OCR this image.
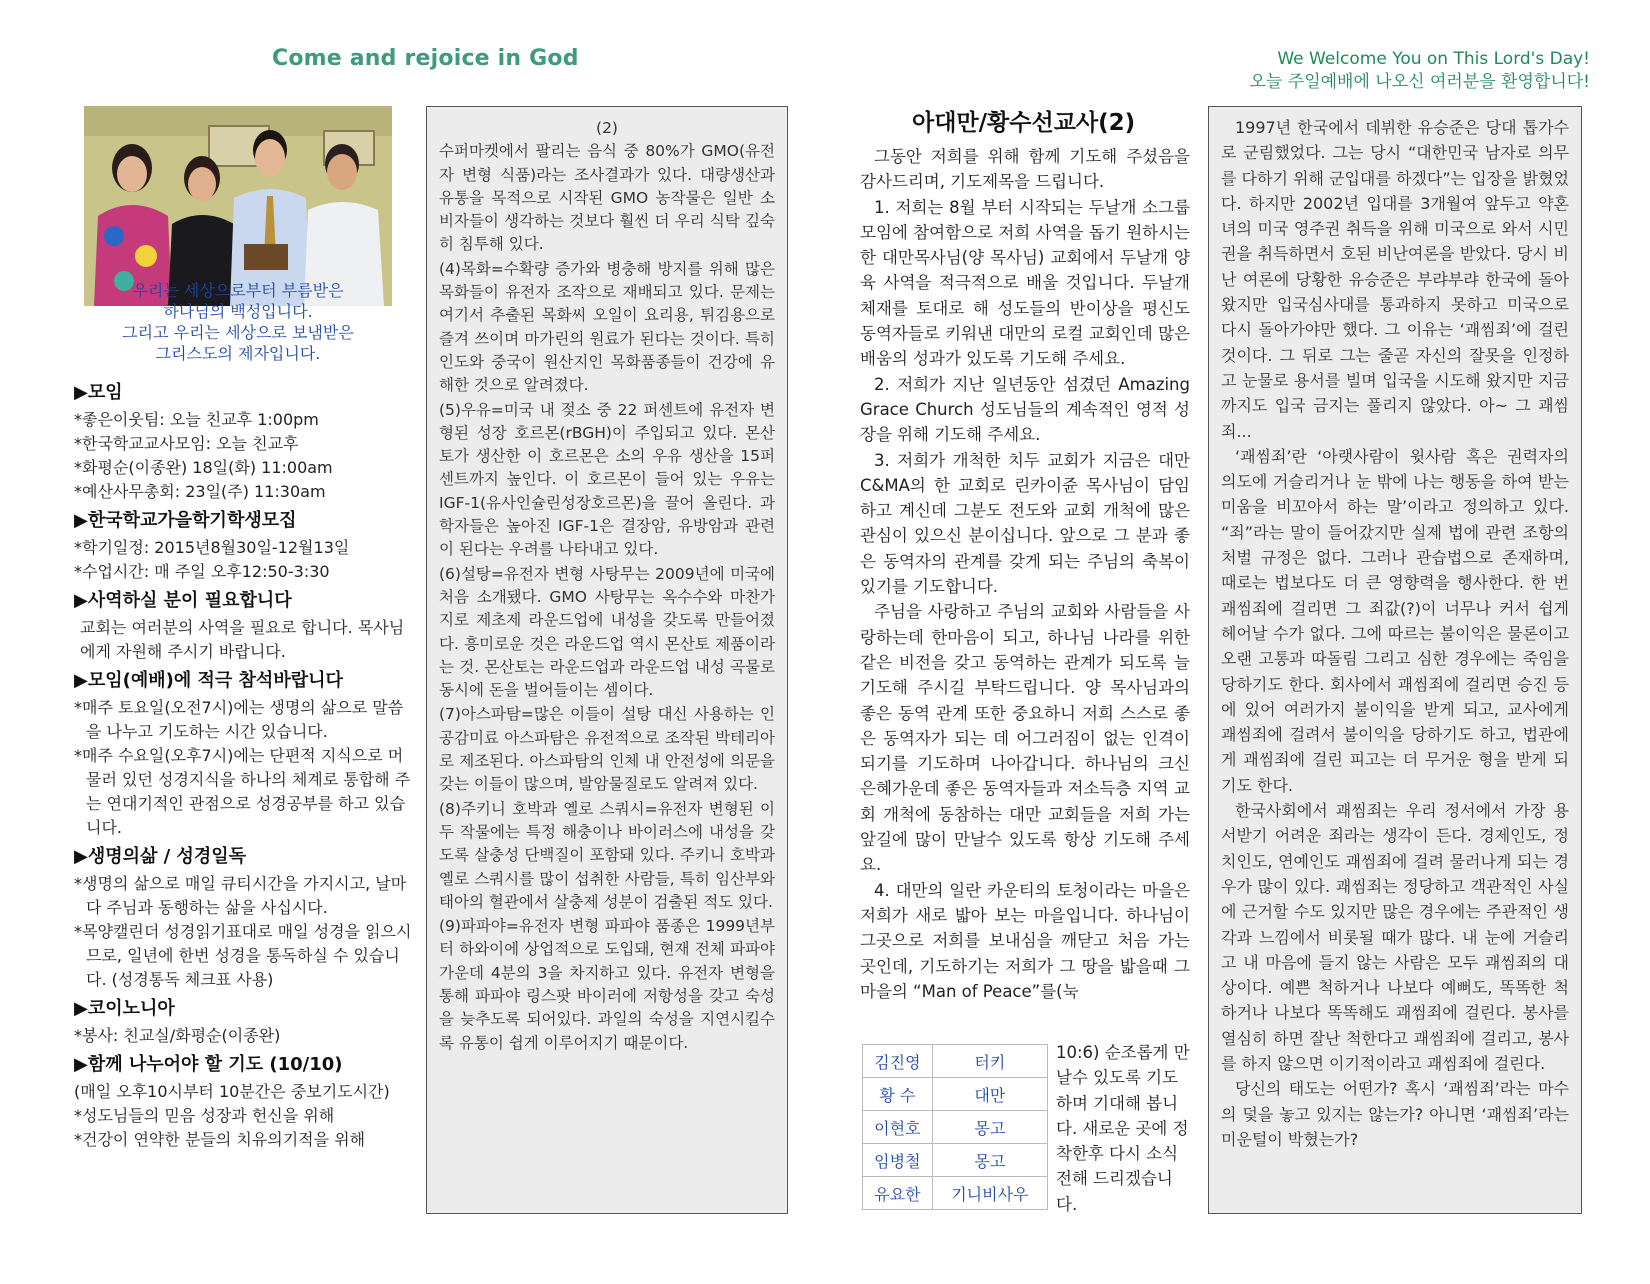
Come and rejoice in God	We Welcome You on This Lord's Day!
오늘 주일예배에 나오신 여러분을 환영합니다!
우리는 세상으로부터 부름받은
하나님의 백성입니다.
그리고 우리는 세상으로 보냄받은
그리스도의 제자입니다.
▶모임
*좋은이웃팀: 오늘 친교후 1:00pm
*한국학교교사모임: 오늘 친교후
*화평순(이종완) 18일(화) 11:00am
*예산사무총회: 23일(주) 11:30am
▶한국학교가을학기학생모집
*학기일정: 2015년8월30일-12월13일
*수업시간: 매 주일 오후12:50-3:30
▶사역하실 분이 필요합니다
교회는 여러분의 사역을 필요로 합니다. 목사님에게 자원해 주시기 바랍니다.
▶모임(예배)에 적극 참석바랍니다
*매주 토요일(오전7시)에는 생명의 삶으로 말씀을 나누고 기도하는 시간 있습니다.
*매주 수요일(오후7시)에는 단편적 지식으로 머물러 있던 성경지식을 하나의 체계로 통합해 주는 연대기적인 관점으로 성경공부를 하고 있습니다.
▶생명의삶 / 성경일독
*생명의 삶으로 매일 큐티시간을 가지시고, 날마다 주님과 동행하는 삶을 사십시다.
*목양캘린더 성경읽기표대로 매일 성경을 읽으시므로, 일년에 한번 성경을 통독하실 수 있습니다. (성경통독 체크표 사용)
▶코이노니아
*봉사: 친교실/화평순(이종완)
▶함께 나누어야 할 기도 (10/10)
(매일 오후10시부터 10분간은 중보기도시간)
*성도님들의 믿음 성장과 헌신을 위해
*건강이 연약한 분들의 치유의기적을 위해
(2)

수퍼마켓에서 팔리는 음식 중 80%가 GMO(유전자 변형 식품)라는 조사결과가 있다. 대량생산과 유통을 목적으로 시작된 GMO 농작물은 일반 소비자들이 생각하는 것보다 훨씬 더 우리 식탁 깊숙히 침투해 있다.

(4)목화=수확량 증가와 병충해 방지를 위해 많은 목화들이 유전자 조작으로 재배되고 있다. 문제는 여기서 추출된 목화씨 오일이 요리용, 튀김용으로 즐겨 쓰이며 마가린의 원료가 된다는 것이다. 특히 인도와 중국이 원산지인 목화품종들이 건강에 유해한 것으로 알려졌다.

(5)우유=미국 내 젖소 중 22 퍼센트에 유전자 변형된 성장 호르몬(rBGH)이 주입되고 있다. 몬산토가 생산한 이 호르몬은 소의 우유 생산을 15퍼센트까지 높인다. 이 호르몬이 들어 있는 우유는 IGF-1(유사인슐린성장호르몬)을 끌어 올린다. 과학자들은 높아진 IGF-1은 결장암, 유방암과 관련이 된다는 우려를 나타내고 있다.

(6)설탕=유전자 변형 사탕무는 2009년에 미국에 처음 소개됐다. GMO 사탕무는 옥수수와 마찬가지로 제초제 라운드업에 내성을 갖도록 만들어졌다. 흥미로운 것은 라운드업 역시 몬산토 제품이라는 것. 몬산토는 라운드업과 라운드업 내성 곡물로 동시에 돈을 벌어들이는 셈이다.

(7)아스파탐=많은 이들이 설탕 대신 사용하는 인공감미료 아스파탐은 유전적으로 조작된 박테리아로 제조된다. 아스파탐의 인체 내 안전성에 의문을 갖는 이들이 많으며, 발암물질로도 알려져 있다.

(8)주키니 호박과 옐로 스쿼시=유전자 변형된 이 두 작물에는 특정 해충이나 바이러스에 내성을 갖도록 살충성 단백질이 포함돼 있다. 주키니 호박과 옐로 스쿼시를 많이 섭취한 사람들, 특히 임산부와 태아의 혈관에서 살충제 성분이 검출된 적도 있다.

(9)파파야=유전자 변형 파파야 품종은 1999년부터 하와이에 상업적으로 도입돼, 현재 전체 파파야 가운데 4분의 3을 차지하고 있다. 유전자 변형을 통해 파파야 링스팟 바이러에 저항성을 갖고 숙성을 늦추도록 되어있다. 과일의 숙성을 지연시킬수록 유통이 쉽게 이루어지기 때문이다.

아대만/황수선교사(2)

그동안 저희를 위해 함께 기도해 주셨음을 감사드리며, 기도제목을 드립니다.

1. 저희는 8월 부터 시작되는 두날개 소그룹 모임에 참여함으로 저희 사역을 돕기 원하시는 한 대만목사님(양 목사님) 교회에서 두날개 양육 사역을 적극적으로 배울 것입니다. 두날개 체재를 토대로 해 성도들의 반이상을 평신도 동역자들로 키워낸 대만의 로컬 교회인데 많은 배움의 성과가 있도록 기도해 주세요.

2. 저희가 지난 일년동안 섬겼던 Amazing Grace Church 성도님들의 계속적인 영적 성장을 위해 기도해 주세요.

3. 저희가 개척한 치두 교회가 지금은 대만 C&MA의 한 교회로 린카이쥰 목사님이 담임하고 계신데 그분도 전도와 교회 개척에 많은 관심이 있으신 분이십니다. 앞으로 그 분과 좋은 동역자의 관계를 갖게 되는 주님의 축복이 있기를 기도합니다.

주님을 사랑하고 주님의 교회와 사람들을 사랑하는데 한마음이 되고, 하나님 나라를 위한 같은 비전을 갖고 동역하는 관계가 되도록 늘 기도해 주시길 부탁드립니다. 양 목사님과의 좋은 동역 관계 또한 중요하니 저희 스스로 좋은 동역자가 되는 데 어그러짐이 없는 인격이 되기를 기도하며 나아갑니다. 하나님의 크신 은혜가운데 좋은 동역자들과 저소득층 지역 교회 개척에 동참하는 대만 교회들을 저희 가는 앞길에 많이 만날수 있도록 항상 기도해 주세요.

4. 대만의 일란 카운티의 토청이라는 마을은 저희가 새로 밟아 보는 마을입니다. 하나님이 그곳으로 저희를 보내심을 깨닫고 처음 가는 곳인데, 기도하기는 저희가 그 땅을 밟을때 그 마을의 “Man of Peace”를(눅

김진영	터키
황 수	대만
이현호	몽고
임병철	몽고
유요한	기니비사우
10:6) 순조롭게 만날수 있도록 기도하며 기대해 봅니다. 새로운 곳에 정착한후 다시 소식 전해 드리겠습니다.

1997년 한국에서 데뷔한 유승준은 당대 톱가수로 군림했었다. 그는 당시 “대한민국 남자로 의무를 다하기 위해 군입대를 하겠다”는 입장을 밝혔었다. 하지만 2002년 입대를 3개월여 앞두고 약혼녀의 미국 영주권 취득을 위해 미국으로 와서 시민권을 취득하면서 호된 비난여론을 받았다. 당시 비난 여론에 당황한 유승준은 부랴부랴 한국에 돌아왔지만 입국심사대를 통과하지 못하고 미국으로 다시 돌아가야만 했다. 그 이유는 ‘괘씸죄’에 걸린 것이다. 그 뒤로 그는 줄곧 자신의 잘못을 인정하고 눈물로 용서를 빌며 입국을 시도해 왔지만 지금까지도 입국 금지는 풀리지 않았다. 아~ 그 괘씸죄...

‘괘씸죄’란 ‘아랫사람이 윗사람 혹은 권력자의 의도에 거슬리거나 눈 밖에 나는 행동을 하여 받는 미움을 비꼬아서 하는 말’이라고 정의하고 있다. “죄”라는 말이 들어갔지만 실제 법에 관련 조항의 처벌 규정은 없다. 그러나 관습법으로 존재하며, 때로는 법보다도 더 큰 영향력을 행사한다. 한 번 괘씸죄에 걸리면 그 죄값(?)이 너무나 커서 쉽게 헤어날 수가 없다. 그에 따르는 불이익은 물론이고 오랜 고통과 따돌림 그리고 심한 경우에는 죽임을 당하기도 한다. 회사에서 괘씸죄에 걸리면 승진 등에 있어 여러가지 불이익을 받게 되고, 교사에게 괘씸죄에 걸려서 불이익을 당하기도 하고, 법관에게 괘씸죄에 걸린 피고는 더 무거운 형을 받게 되기도 한다.

한국사회에서 괘씸죄는 우리 정서에서 가장 용서받기 어려운 죄라는 생각이 든다. 경제인도, 정치인도, 연예인도 괘씸죄에 걸려 물러나게 되는 경우가 많이 있다. 괘씸죄는 정당하고 객관적인 사실에 근거할 수도 있지만 많은 경우에는 주관적인 생각과 느낌에서 비롯될 때가 많다. 내 눈에 거슬리고 내 마음에 들지 않는 사람은 모두 괘씸죄의 대상이다. 예쁜 척하거나 나보다 예뻐도, 똑똑한 척하거나 나보다 똑똑해도 괘씸죄에 걸린다. 봉사를 열심히 하면 잘난 척한다고 괘씸죄에 걸리고, 봉사를 하지 않으면 이기적이라고 괘씸죄에 걸린다.

당신의 태도는 어떤가? 혹시 ‘괘씸죄’라는 마수의 덫을 놓고 있지는 않는가? 아니면 ‘괘씸죄’라는 미운털이 박혔는가?
